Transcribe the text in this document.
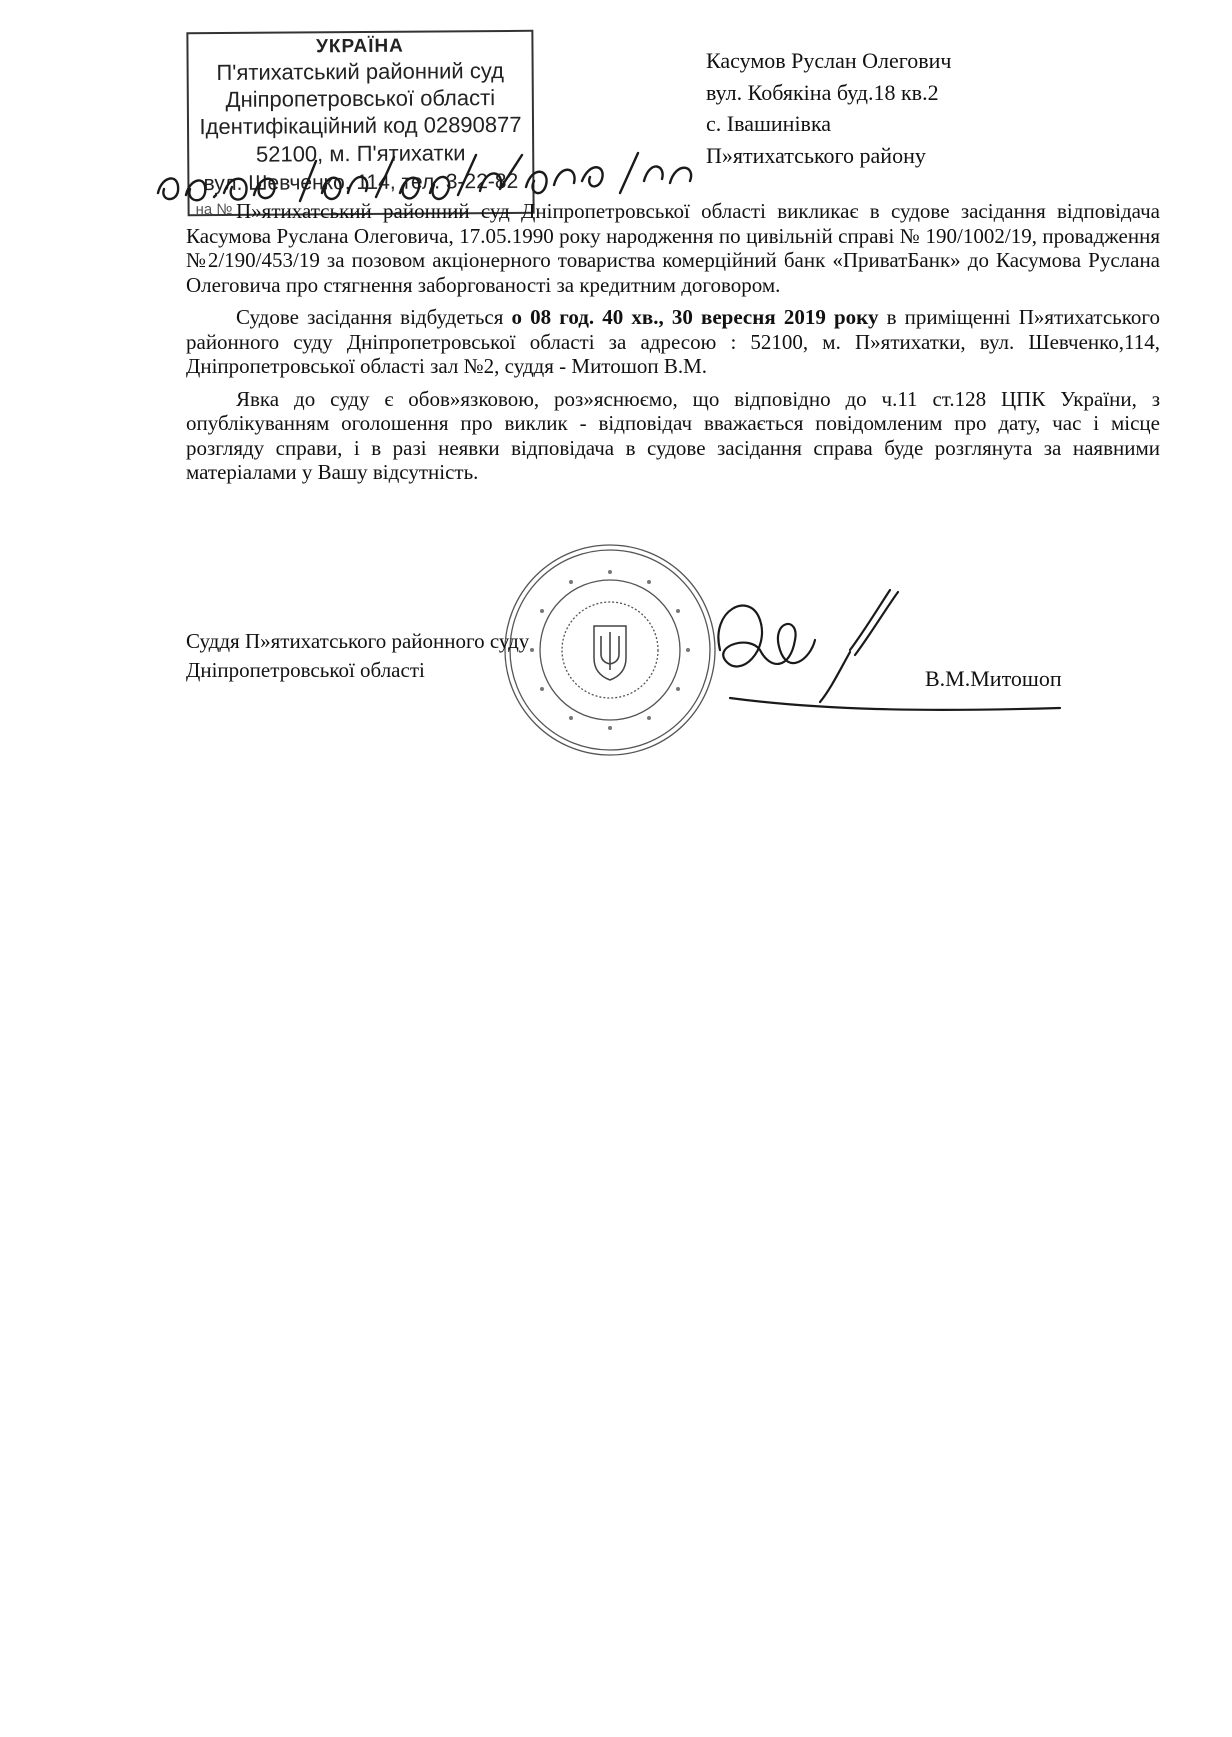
УКРАЇНА
П'ятихатський районний суд
Дніпропетровської області
Ідентифікаційний код 02890877
52100, м. П'ятихатки
вул. Шевченко, 114, тел. 3-22-82
на №
Касумов Руслан Олегович
вул. Кобякіна буд.18 кв.2
с. Івашинівка
П»ятихатського району

П»ятихатський районний суд Дніпропетровської області викликає в судове засідання відповідача Касумова Руслана Олеговича, 17.05.1990 року народження по цивільній справі № 190/1002/19, провадження №2/190/453/19 за позовом акціонерного товариства комерційний банк «ПриватБанк» до Касумова Руслана Олеговича про стягнення заборгованості за кредитним договором.

Судове засідання відбудеться о 08 год. 40 хв., 30 вересня 2019 року в приміщенні П»ятихатського районного суду Дніпропетровської області за адресою : 52100, м. П»ятихатки, вул. Шевченко,114, Дніпропетровської області зал №2, суддя - Митошоп В.М.

Явка до суду є обов»язковою, роз»яснюємо, що відповідно до ч.11 ст.128 ЦПК України, з опублікуванням оголошення про виклик - відповідач вважається повідомленим про дату, час і місце розгляду справи, і в разі неявки відповідача в судове засідання справа буде розглянута за наявними матеріалами у Вашу відсутність.

Суддя П»ятихатського районного суду
Дніпропетровської області	В.М.Митошоп
